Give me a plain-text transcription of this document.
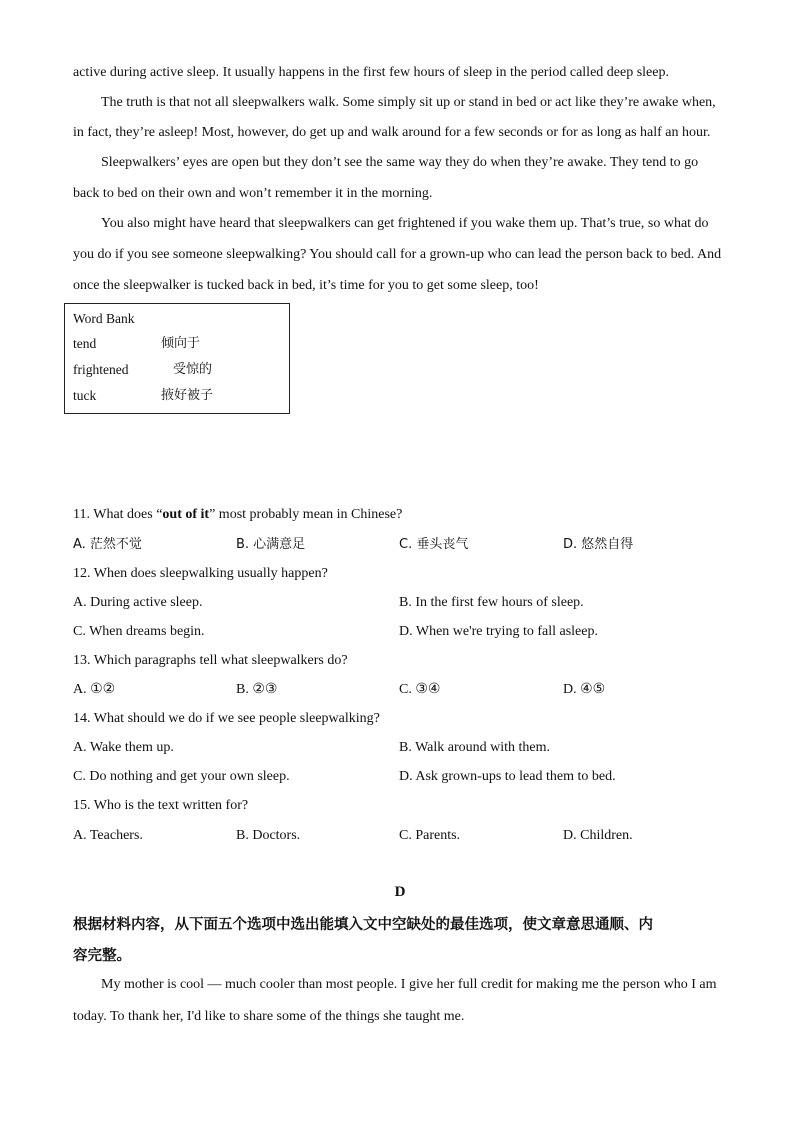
active during active sleep. It usually happens in the first few hours of sleep in the period called deep sleep.
The truth is that not all sleepwalkers walk. Some simply sit up or stand in bed or act like they’re awake when,
in fact, they’re asleep! Most, however, do get up and walk around for a few seconds or for as long as half an hour.
Sleepwalkers’ eyes are open but they don’t see the same way they do when they’re awake. They tend to go
back to bed on their own and won’t remember it in the morning.
You also might have heard that sleepwalkers can get frightened if you wake them up. That’s true, so what do
you do if you see someone sleepwalking? You should call for a grown-up who can lead the person back to bed. And
once the sleepwalker is tucked back in bed, it’s time for you to get some sleep, too!
Word Bank
tend	倾向于
frightened	受惊的
tuck	掖好被子
11. What does “out of it” most probably mean in Chinese?
A. 茫然不觉	B. 心满意足	C. 垂头丧气	D. 悠然自得
12. When does sleepwalking usually happen?
A. During active sleep.	B. In the first few hours of sleep.
C. When dreams begin.	D. When we're trying to fall asleep.
13. Which paragraphs tell what sleepwalkers do?
A. ①②	B. ②③	C. ③④	D. ④⑤
14. What should we do if we see people sleepwalking?
A. Wake them up.	B. Walk around with them.
C. Do nothing and get your own sleep.	D. Ask grown-ups to lead them to bed.
15. Who is the text written for?
A. Teachers.	B. Doctors.	C. Parents.	D. Children.
D
根据材料内容，从下面五个选项中选出能填入文中空缺处的最佳选项，使文章意思通顺、内
容完整。
My mother is cool — much cooler than most people. I give her full credit for making me the person who I am
today. To thank her, I'd like to share some of the things she taught me.
